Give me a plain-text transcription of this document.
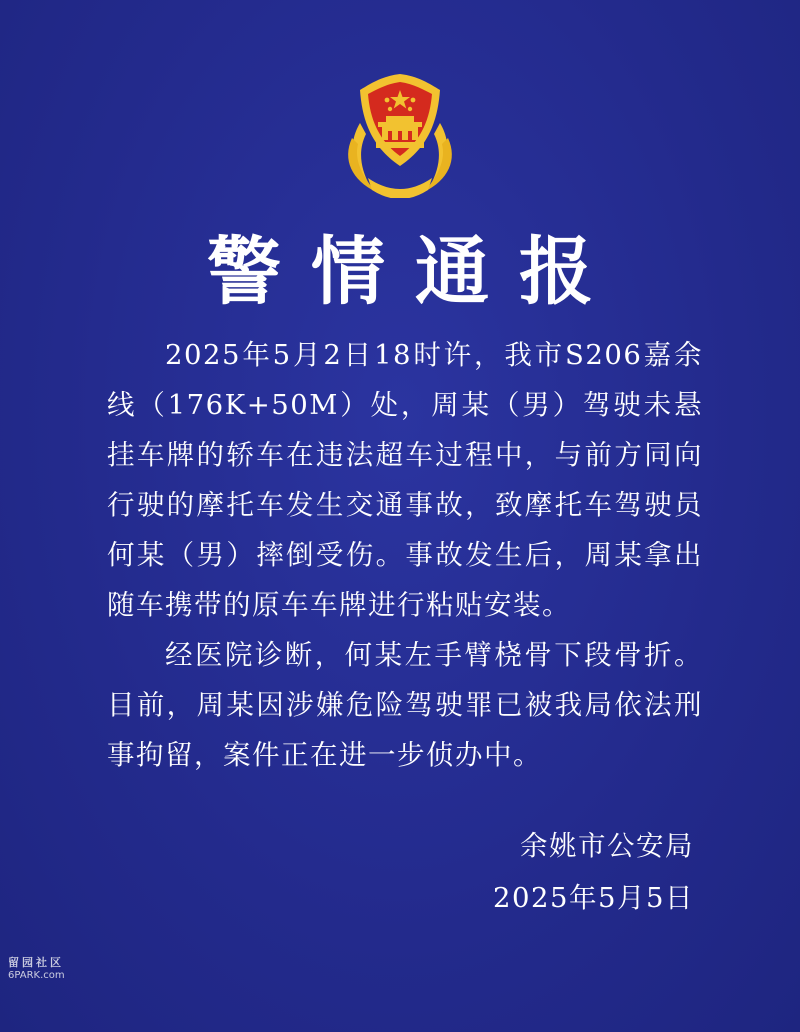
警情通报

2025年5月2日18时许，我市S206嘉余线（176K+50M）处，周某（男）驾驶未悬挂车牌的轿车在违法超车过程中，与前方同向行驶的摩托车发生交通事故，致摩托车驾驶员何某（男）摔倒受伤。事故发生后，周某拿出随车携带的原车车牌进行粘贴安装。

经医院诊断，何某左手臂桡骨下段骨折。目前，周某因涉嫌危险驾驶罪已被我局依法刑事拘留，案件正在进一步侦办中。

余姚市公安局
2025年5月5日
留园社区
6PARK.com
